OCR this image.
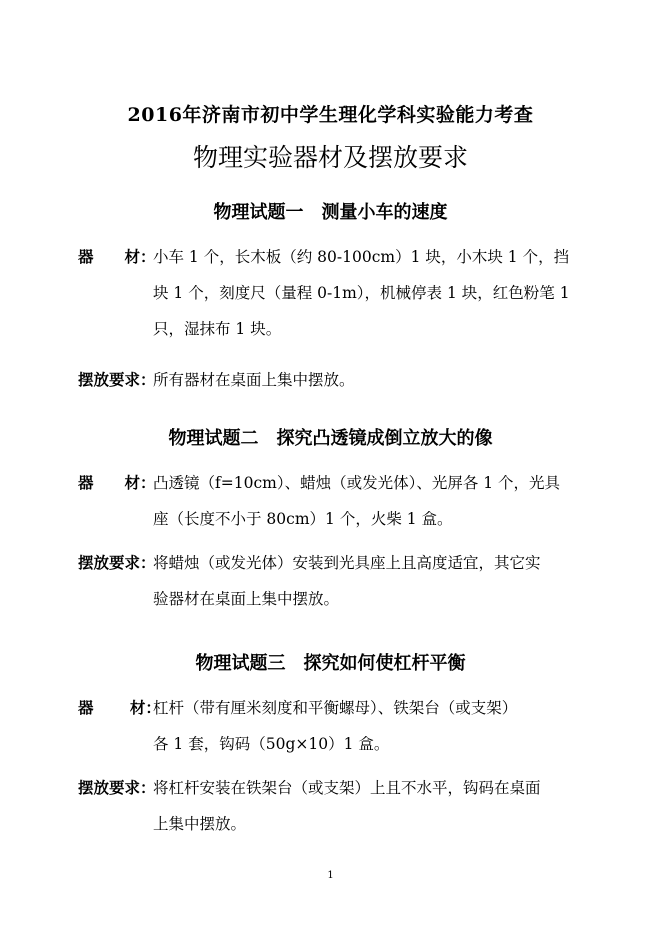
2016年济南市初中学生理化学科实验能力考查
物理实验器材及摆放要求
物理试题一　测量小车的速度
器　　材：
小车 1 个，长木板（约 80-100cm）1 块，小木块 1 个，挡
块 1 个，刻度尺（量程 0-1m），机械停表 1 块，红色粉笔 1
只，湿抹布 1 块。
摆放要求：
所有器材在桌面上集中摆放。
物理试题二　探究凸透镜成倒立放大的像
器　　材：
凸透镜（f=10cm）、蜡烛（或发光体）、光屏各 1 个，光具
座（长度不小于 80cm）1 个，火柴 1 盒。
摆放要求：
将蜡烛（或发光体）安装到光具座上且高度适宜，其它实
验器材在桌面上集中摆放。
物理试题三　探究如何使杠杆平衡
器　　 材：
杠杆（带有厘米刻度和平衡螺母）、铁架台（或支架）
各 1 套，钩码（50g×10）1 盒。
摆放要求：
将杠杆安装在铁架台（或支架）上且不水平，钩码在桌面
上集中摆放。
1
